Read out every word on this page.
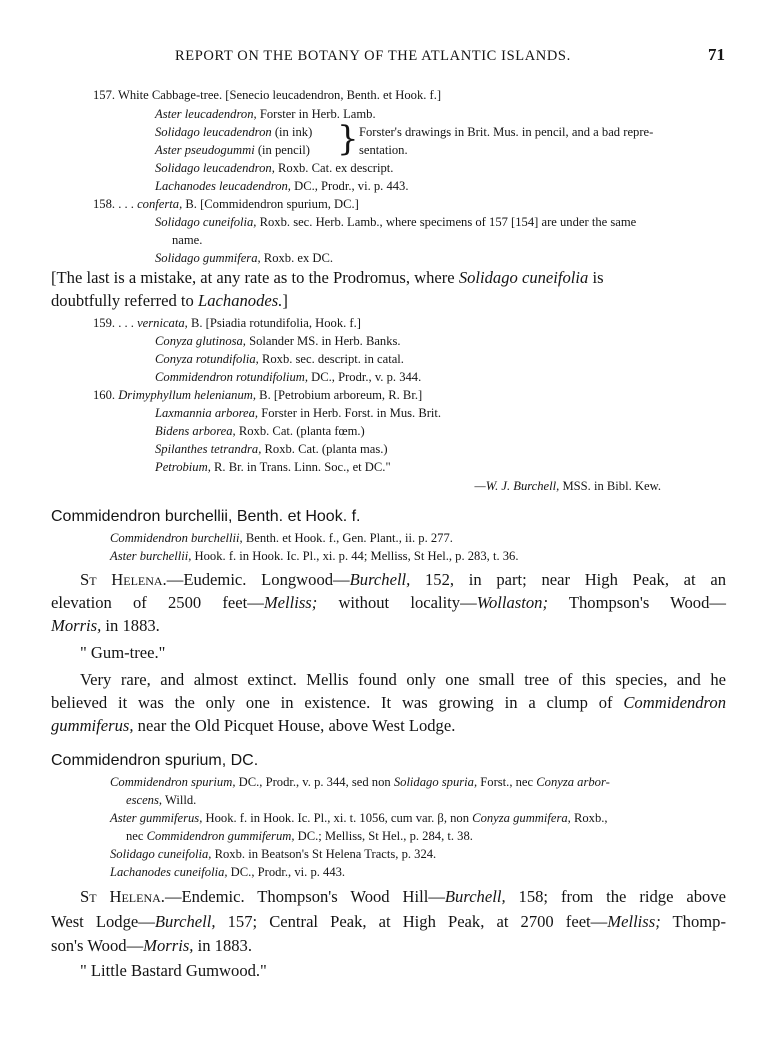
REPORT ON THE BOTANY OF THE ATLANTIC ISLANDS.	71
157. White Cabbage-tree. [Senecio leucadendron, Benth. et Hook. f.]
Aster leucadendron, Forster in Herb. Lamb.
Solidago leucadendron (in ink)
Aster pseudogummi (in pencil) } Forster's drawings in Brit. Mus. in pencil, and a bad repre-
sentation.
Solidago leucadendron, Roxb. Cat. ex descript.
Lachanodes leucadendron, DC., Prodr., vi. p. 443.
158. . . . conferta, B. [Commidendron spurium, DC.]
Solidago cuneifolia, Roxb. sec. Herb. Lamb., where specimens of 157 [154] are under the same
name.
Solidago gummifera, Roxb. ex DC.
[The last is a mistake, at any rate as to the Prodromus, where Solidago cuneifolia is
doubtfully referred to Lachanodes.]
159. . . . vernicata, B. [Psiadia rotundifolia, Hook. f.]
Conyza glutinosa, Solander MS. in Herb. Banks.
Conyza rotundifolia, Roxb. sec. descript. in catal.
Commidendron rotundifolium, DC., Prodr., v. p. 344.
160. Drimyphyllum helenianum, B. [Petrobium arboreum, R. Br.]
Laxmannia arborea, Forster in Herb. Forst. in Mus. Brit.
Bidens arborea, Roxb. Cat. (planta fœm.)
Spilanthes tetrandra, Roxb. Cat. (planta mas.)
Petrobium, R. Br. in Trans. Linn. Soc., et DC."
—W. J. Burchell, MSS. in Bibl. Kew.
Commidendron burchellii, Benth. et Hook. f.
Commidendron burchellii, Benth. et Hook. f., Gen. Plant., ii. p. 277.
Aster burchellii, Hook. f. in Hook. Ic. Pl., xi. p. 44; Melliss, St Hel., p. 283, t. 36.
St Helena.—Eudemic. Longwood—Burchell, 152, in part; near High Peak, at an
elevation of 2500 feet—Melliss; without locality—Wollaston; Thompson's Wood—
Morris, in 1883.
" Gum-tree."
Very rare, and almost extinct. Mellis found only one small tree of this species, and he
believed it was the only one in existence. It was growing in a clump of Commidendron
gummiferus, near the Old Picquet House, above West Lodge.
Commidendron spurium, DC.
Commidendron spurium, DC., Prodr., v. p. 344, sed non Solidago spuria, Forst., nec Conyza arbor-
escens, Willd.
Aster gummiferus, Hook. f. in Hook. Ic. Pl., xi. t. 1056, cum var. β, non Conyza gummifera, Roxb.,
nec Commidendron gummiferum, DC.; Melliss, St Hel., p. 284, t. 38.
Solidago cuneifolia, Roxb. in Beatson's St Helena Tracts, p. 324.
Lachanodes cuneifolia, DC., Prodr., vi. p. 443.
St Helena.—Endemic. Thompson's Wood Hill—Burchell, 158; from the ridge above
West Lodge—Burchell, 157; Central Peak, at High Peak, at 2700 feet—Melliss; Thomp-
son's Wood—Morris, in 1883.
" Little Bastard Gumwood."
